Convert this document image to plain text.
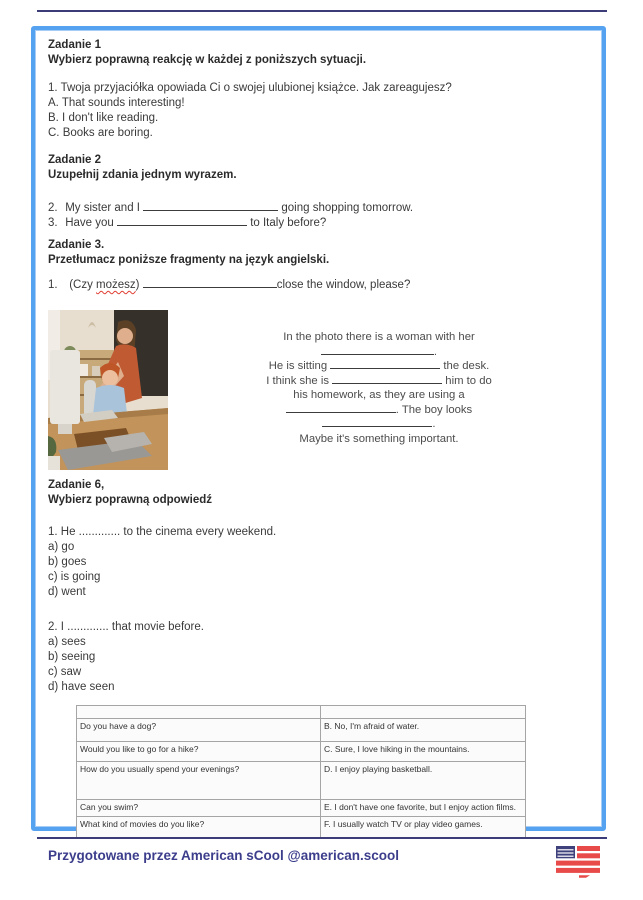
Zadanie 1
Wybierz poprawną reakcję w każdej z poniższych sytuacji.
1. Twoja przyjaciółka opowiada Ci o swojej ulubionej książce. Jak zareagujesz?
A. That sounds interesting!
B. I don't like reading.
C. Books are boring.
Zadanie 2
Uzupełnij zdania jednym wyrazem.
2. My sister and I	going shopping tomorrow.
3. Have you	to Italy before?
Zadanie 3.
Przetłumacz poniższe fragmenty na język angielski.
1. (Czy możesz)	close the window, please?
In the photo there is a woman with her
.
He is sitting	the desk.
I think she is	him to do
his homework, as they are using a
. The boy looks
.
Maybe it's something important.
Zadanie 6,
Wybierz poprawną odpowiedź
1. He ............. to the cinema every weekend.
a) go
b) goes
c) is going
d) went
2. I ............. that movie before.
a) sees
b) seeing
c) saw
d) have seen

Do you have a dog?	B. No, I'm afraid of water.
Would you like to go for a hike?	C. Sure, I love hiking in the mountains.
How do you usually spend your evenings?	D. I enjoy playing basketball.
Can you swim?	E. I don't have one favorite, but I enjoy action films.
What kind of movies do you like?	F. I usually watch TV or play video games.
Przygotowane przez American sCool @american.scool
